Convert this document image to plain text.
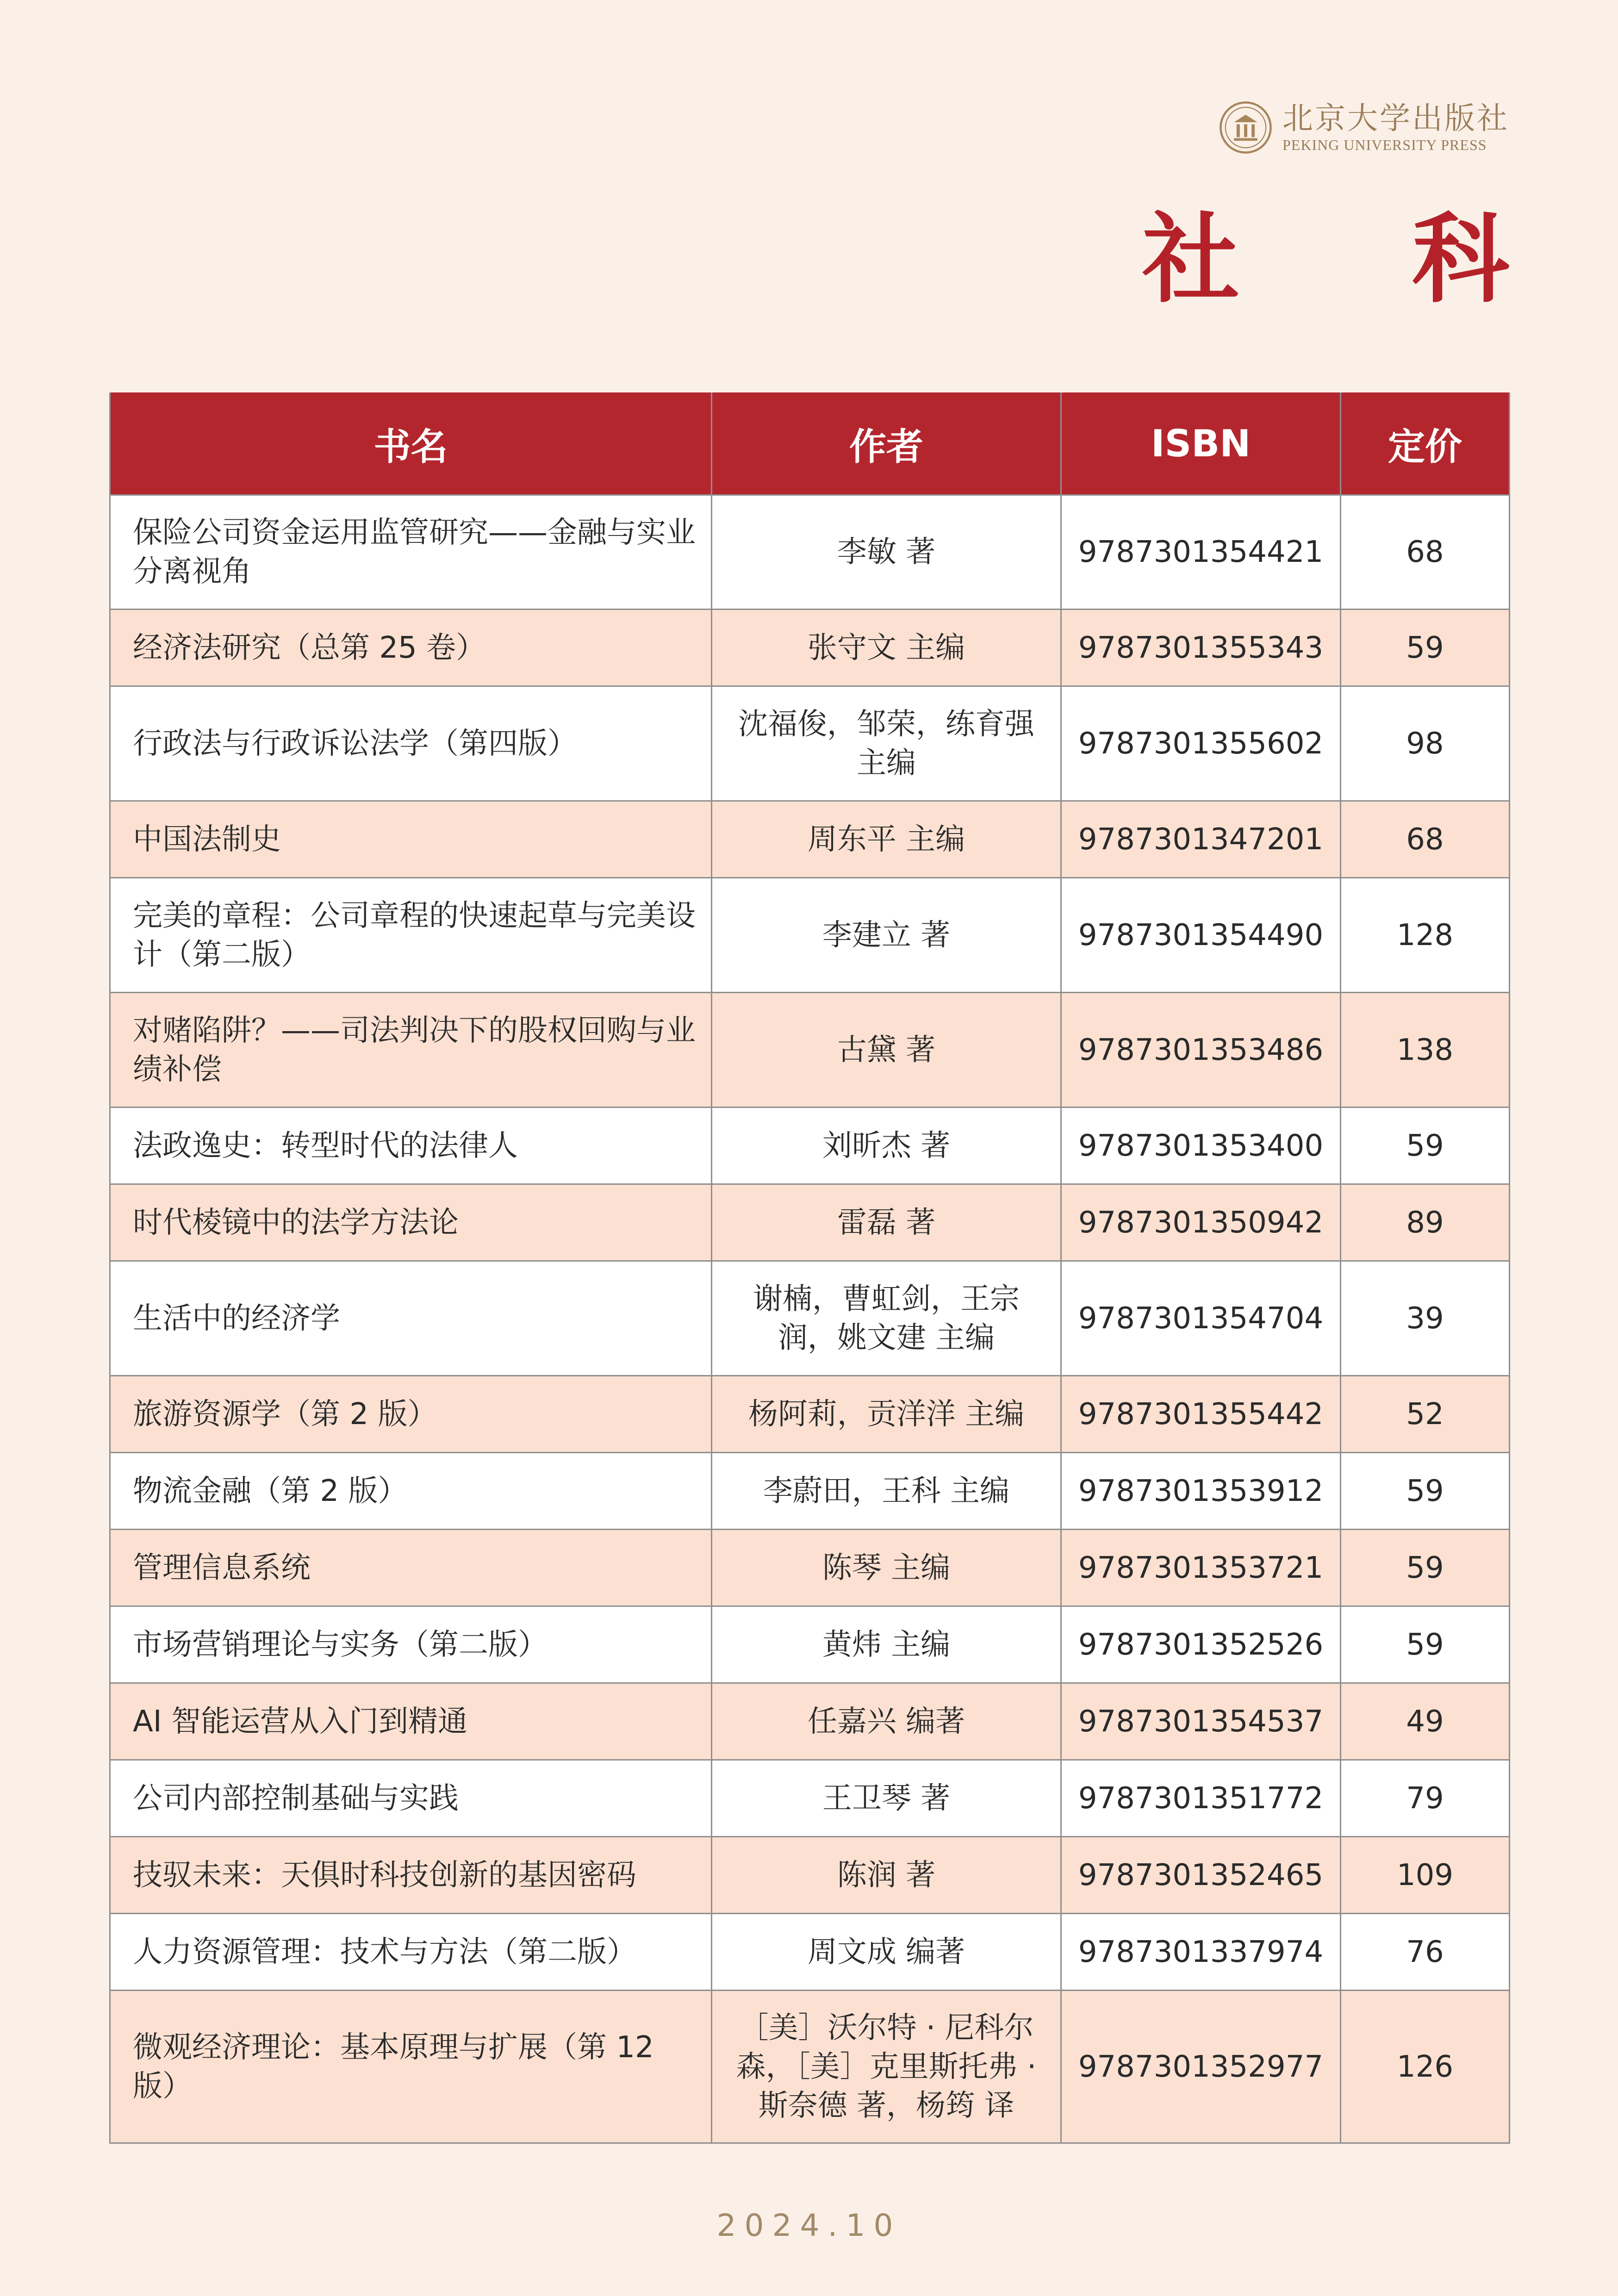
北京大学出版社
PEKING UNIVERSITY PRESS
社 科
书名	作者	ISBN	定价
保险公司资金运用监管研究——金融与实业分离视角	李敏 著	9787301354421	68
经济法研究（总第 25 卷）	张守文 主编	9787301355343	59
行政法与行政诉讼法学（第四版）	沈福俊，邹荣，练育强 主编	9787301355602	98
中国法制史	周东平 主编	9787301347201	68
完美的章程：公司章程的快速起草与完美设计（第二版）	李建立 著	9787301354490	128
对赌陷阱？——司法判决下的股权回购与业绩补偿	古黛 著	9787301353486	138
法政逸史：转型时代的法律人	刘昕杰 著	9787301353400	59
时代棱镜中的法学方法论	雷磊 著	9787301350942	89
生活中的经济学	谢楠，曹虹剑，王宗润，姚文建 主编	9787301354704	39
旅游资源学（第 2 版）	杨阿莉，贡洋洋 主编	9787301355442	52
物流金融（第 2 版）	李蔚田，王科 主编	9787301353912	59
管理信息系统	陈琴 主编	9787301353721	59
市场营销理论与实务（第二版）	黄炜 主编	9787301352526	59
AI 智能运营从入门到精通	任嘉兴 编著	9787301354537	49
公司内部控制基础与实践	王卫琴 著	9787301351772	79
技驭未来：天俱时科技创新的基因密码	陈润 著	9787301352465	109
人力资源管理：技术与方法（第二版）	周文成 编著	9787301337974	76
微观经济理论：基本原理与扩展（第 12 版）	［美］沃尔特 · 尼科尔森，［美］克里斯托弗 · 斯奈德 著，杨筠 译	9787301352977	126
2024.10
